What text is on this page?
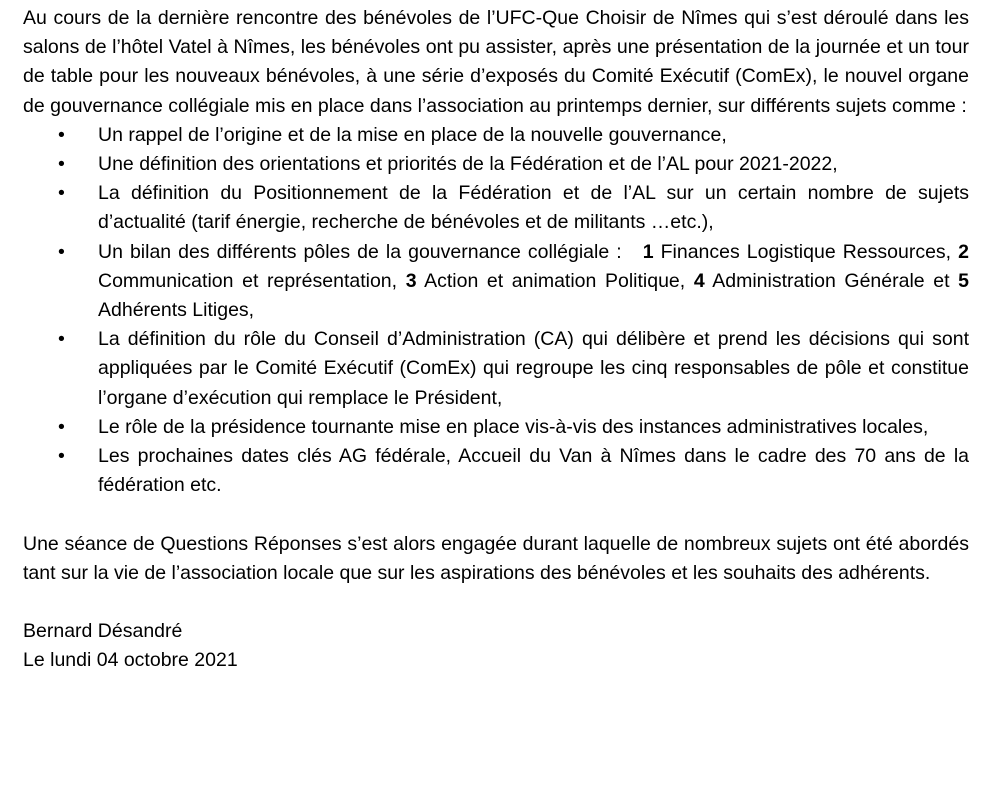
Au cours de la dernière rencontre des bénévoles de l’UFC-Que Choisir de Nîmes qui s’est déroulé dans les salons de l’hôtel Vatel à Nîmes, les bénévoles ont pu assister, après une présentation de la journée et un tour de table pour les nouveaux bénévoles, à une série d’exposés du Comité Exécutif (ComEx), le nouvel organe de gouvernance collégiale mis en place dans l’association au printemps dernier, sur différents sujets comme :

• Un rappel de l’origine et de la mise en place de la nouvelle gouvernance,
• Une définition des orientations et priorités de la Fédération et de l’AL pour 2021-2022,
• La définition du Positionnement de la Fédération et de l’AL sur un certain nombre de sujets d’actualité (tarif énergie, recherche de bénévoles et de militants …etc.),
• Un bilan des différents pôles de la gouvernance collégiale : 1 Finances Logistique Ressources, 2 Communication et représentation, 3 Action et animation Politique, 4 Administration Générale et 5 Adhérents Litiges,
• La définition du rôle du Conseil d’Administration (CA) qui délibère et prend les décisions qui sont appliquées par le Comité Exécutif (ComEx) qui regroupe les cinq responsables de pôle et constitue l’organe d’exécution qui remplace le Président,
• Le rôle de la présidence tournante mise en place vis-à-vis des instances administratives locales,
• Les prochaines dates clés AG fédérale, Accueil du Van à Nîmes dans le cadre des 70 ans de la fédération etc.

Une séance de Questions Réponses s’est alors engagée durant laquelle de nombreux sujets ont été abordés tant sur la vie de l’association locale que sur les aspirations des bénévoles et les souhaits des adhérents.

Bernard Désandré
Le lundi 04 octobre 2021
